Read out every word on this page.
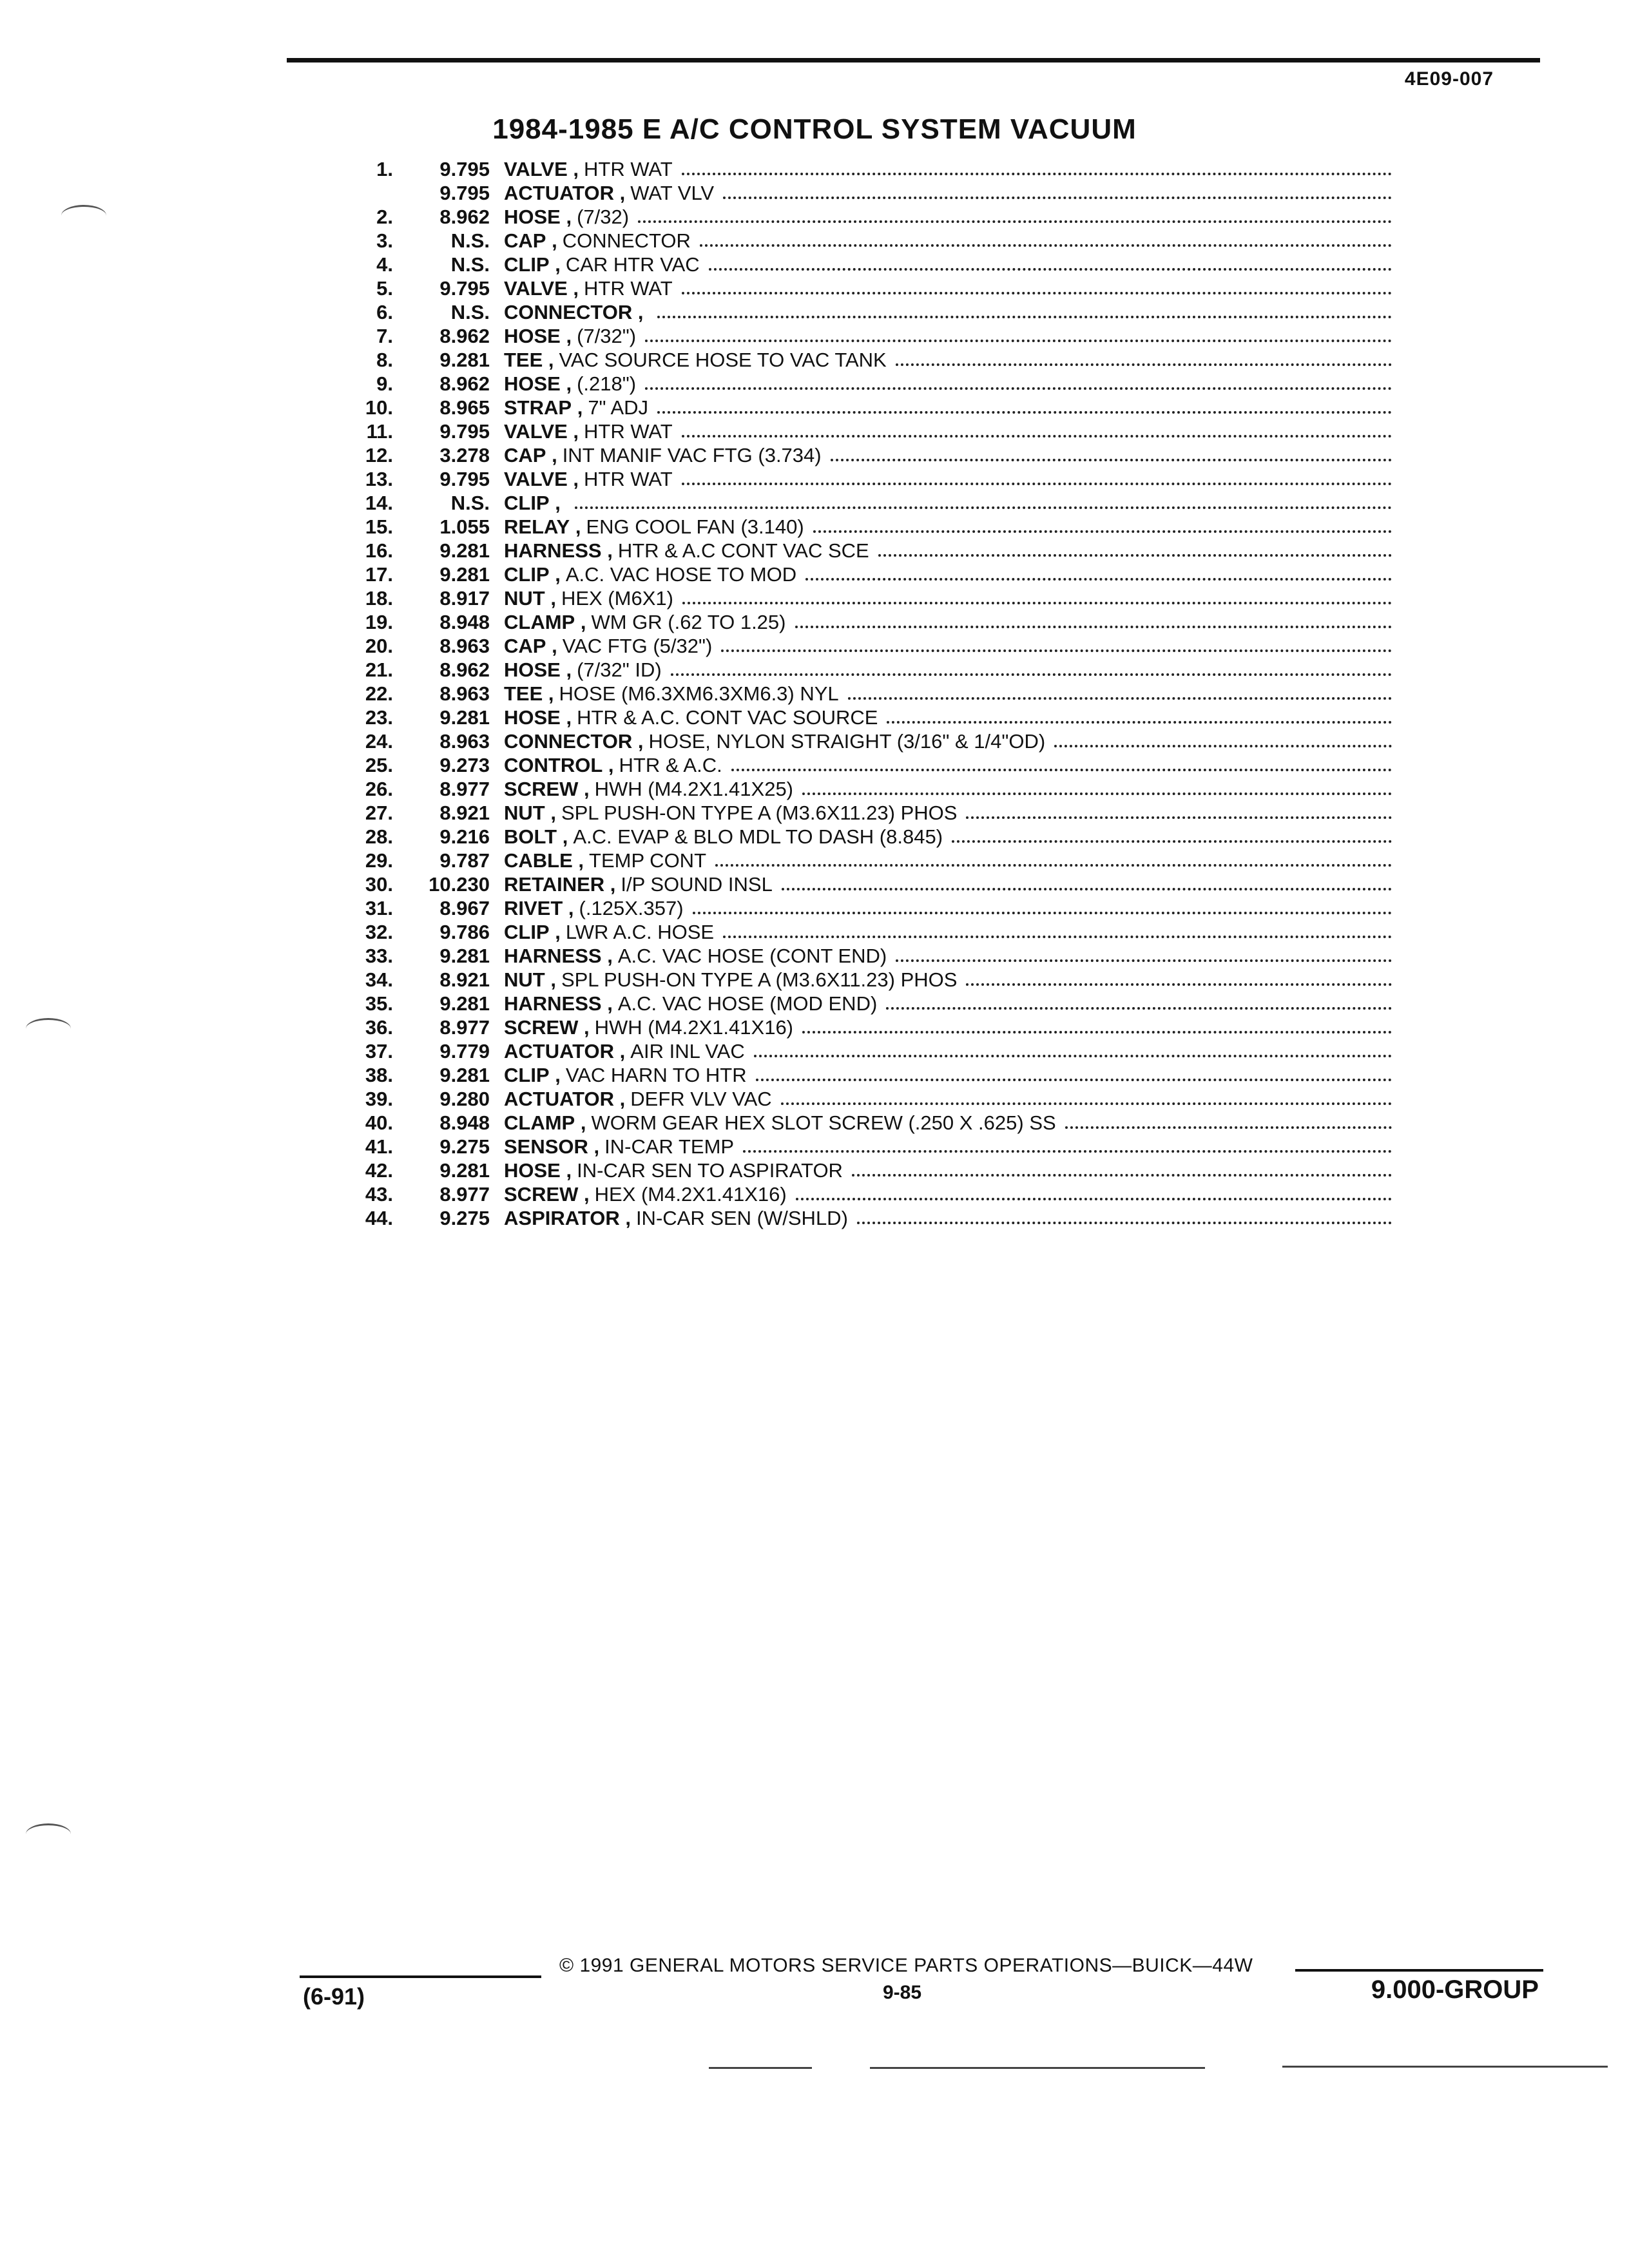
4E09-007
1984-1985 E A/C CONTROL SYSTEM VACUUM
1.	9.795 VALVE , HTR WAT
9.795 ACTUATOR , WAT VLV
2.	8.962 HOSE , (7/32)
3.	N.S. CAP , CONNECTOR
4.	N.S. CLIP , CAR HTR VAC
5.	9.795 VALVE , HTR WAT
6.	N.S. CONNECTOR ,
7.	8.962 HOSE , (7/32")
8.	9.281 TEE , VAC SOURCE HOSE TO VAC TANK
9.	8.962 HOSE , (.218")
10.	8.965 STRAP , 7" ADJ
11.	9.795 VALVE , HTR WAT
12.	3.278 CAP , INT MANIF VAC FTG (3.734)
13.	9.795 VALVE , HTR WAT
14.	N.S. CLIP ,
15.	1.055 RELAY , ENG COOL FAN (3.140)
16.	9.281 HARNESS , HTR & A.C CONT VAC SCE
17.	9.281 CLIP , A.C. VAC HOSE TO MOD
18.	8.917 NUT , HEX (M6X1)
19.	8.948 CLAMP , WM GR (.62 TO 1.25)
20.	8.963 CAP , VAC FTG (5/32")
21.	8.962 HOSE , (7/32" ID)
22.	8.963 TEE , HOSE (M6.3XM6.3XM6.3) NYL
23.	9.281 HOSE , HTR & A.C. CONT VAC SOURCE
24.	8.963 CONNECTOR , HOSE, NYLON STRAIGHT (3/16" & 1/4"OD)
25.	9.273 CONTROL , HTR & A.C.
26.	8.977 SCREW , HWH (M4.2X1.41X25)
27.	8.921 NUT , SPL PUSH-ON TYPE A (M3.6X11.23) PHOS
28.	9.216 BOLT , A.C. EVAP & BLO MDL TO DASH (8.845)
29.	9.787 CABLE , TEMP CONT
30.	10.230 RETAINER , I/P SOUND INSL
31.	8.967 RIVET , (.125X.357)
32.	9.786 CLIP , LWR A.C. HOSE
33.	9.281 HARNESS , A.C. VAC HOSE (CONT END)
34.	8.921 NUT , SPL PUSH-ON TYPE A (M3.6X11.23) PHOS
35.	9.281 HARNESS , A.C. VAC HOSE (MOD END)
36.	8.977 SCREW , HWH (M4.2X1.41X16)
37.	9.779 ACTUATOR , AIR INL VAC
38.	9.281 CLIP , VAC HARN TO HTR
39.	9.280 ACTUATOR , DEFR VLV VAC
40.	8.948 CLAMP , WORM GEAR HEX SLOT SCREW (.250 X .625) SS
41.	9.275 SENSOR , IN-CAR TEMP
42.	9.281 HOSE , IN-CAR SEN TO ASPIRATOR
43.	8.977 SCREW , HEX (M4.2X1.41X16)
44.	9.275 ASPIRATOR , IN-CAR SEN (W/SHLD)
© 1991 GENERAL MOTORS SERVICE PARTS OPERATIONS—BUICK—44W
(6-91)	9-85	9.000-GROUP
